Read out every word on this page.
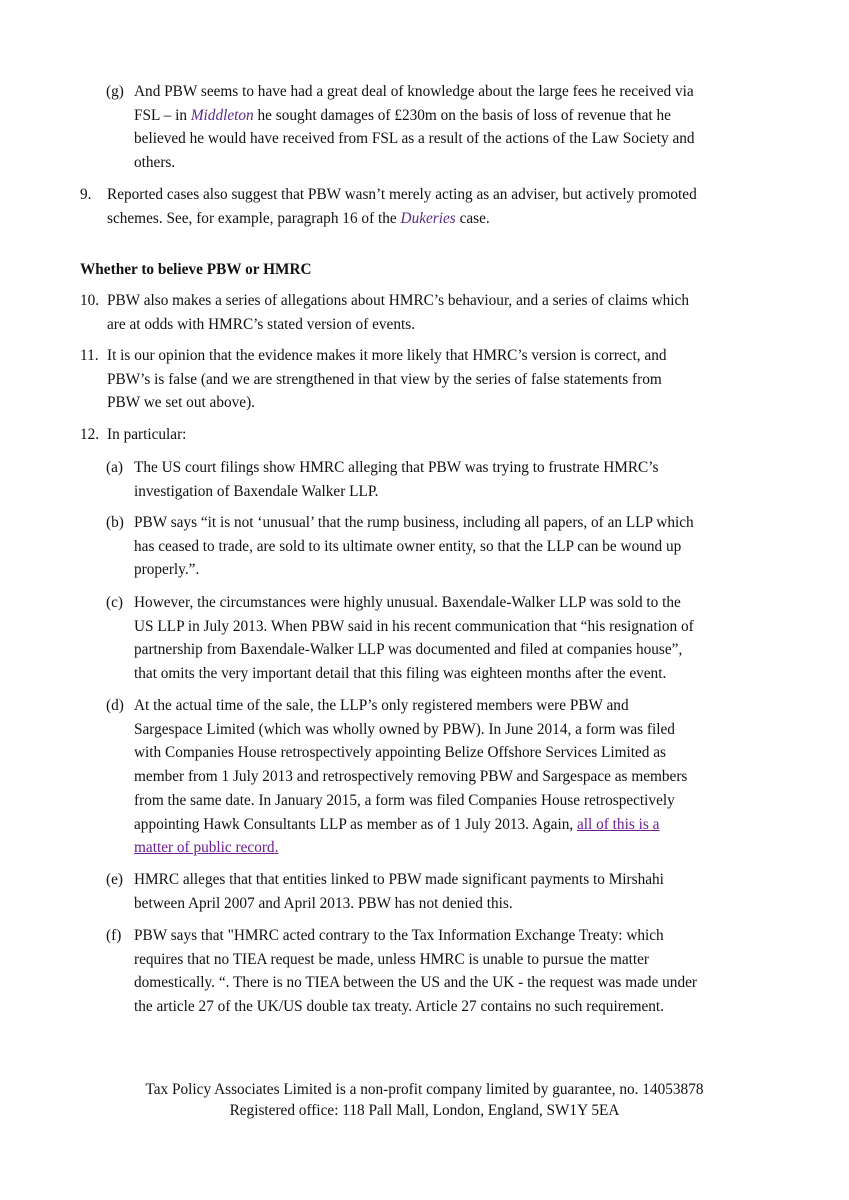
(g) And PBW seems to have had a great deal of knowledge about the large fees he received via
FSL – in Middleton he sought damages of £230m on the basis of loss of revenue that he
believed he would have received from FSL as a result of the actions of the Law Society and
others.
9. Reported cases also suggest that PBW wasn’t merely acting as an adviser, but actively promoted
schemes. See, for example, paragraph 16 of the Dukeries case.
Whether to believe PBW or HMRC
10. PBW also makes a series of allegations about HMRC’s behaviour, and a series of claims which
are at odds with HMRC’s stated version of events.
11. It is our opinion that the evidence makes it more likely that HMRC’s version is correct, and
PBW’s is false (and we are strengthened in that view by the series of false statements from
PBW we set out above).
12. In particular:
(a) The US court filings show HMRC alleging that PBW was trying to frustrate HMRC’s
investigation of Baxendale Walker LLP.
(b) PBW says “it is not ‘unusual’ that the rump business, including all papers, of an LLP which
has ceased to trade, are sold to its ultimate owner entity, so that the LLP can be wound up
properly.”.
(c) However, the circumstances were highly unusual. Baxendale-Walker LLP was sold to the
US LLP in July 2013. When PBW said in his recent communication that “his resignation of
partnership from Baxendale-Walker LLP was documented and filed at companies house”,
that omits the very important detail that this filing was eighteen months after the event.
(d) At the actual time of the sale, the LLP’s only registered members were PBW and
Sargespace Limited (which was wholly owned by PBW). In June 2014, a form was filed
with Companies House retrospectively appointing Belize Offshore Services Limited as
member from 1 July 2013 and retrospectively removing PBW and Sargespace as members
from the same date. In January 2015, a form was filed Companies House retrospectively
appointing Hawk Consultants LLP as member as of 1 July 2013. Again, all of this is a
matter of public record.
(e) HMRC alleges that that entities linked to PBW made significant payments to Mirshahi
between April 2007 and April 2013. PBW has not denied this.
(f) PBW says that "HMRC acted contrary to the Tax Information Exchange Treaty: which
requires that no TIEA request be made, unless HMRC is unable to pursue the matter
domestically. “. There is no TIEA between the US and the UK - the request was made under
the article 27 of the UK/US double tax treaty. Article 27 contains no such requirement.
Tax Policy Associates Limited is a non-profit company limited by guarantee, no. 14053878
Registered office: 118 Pall Mall, London, England, SW1Y 5EA
